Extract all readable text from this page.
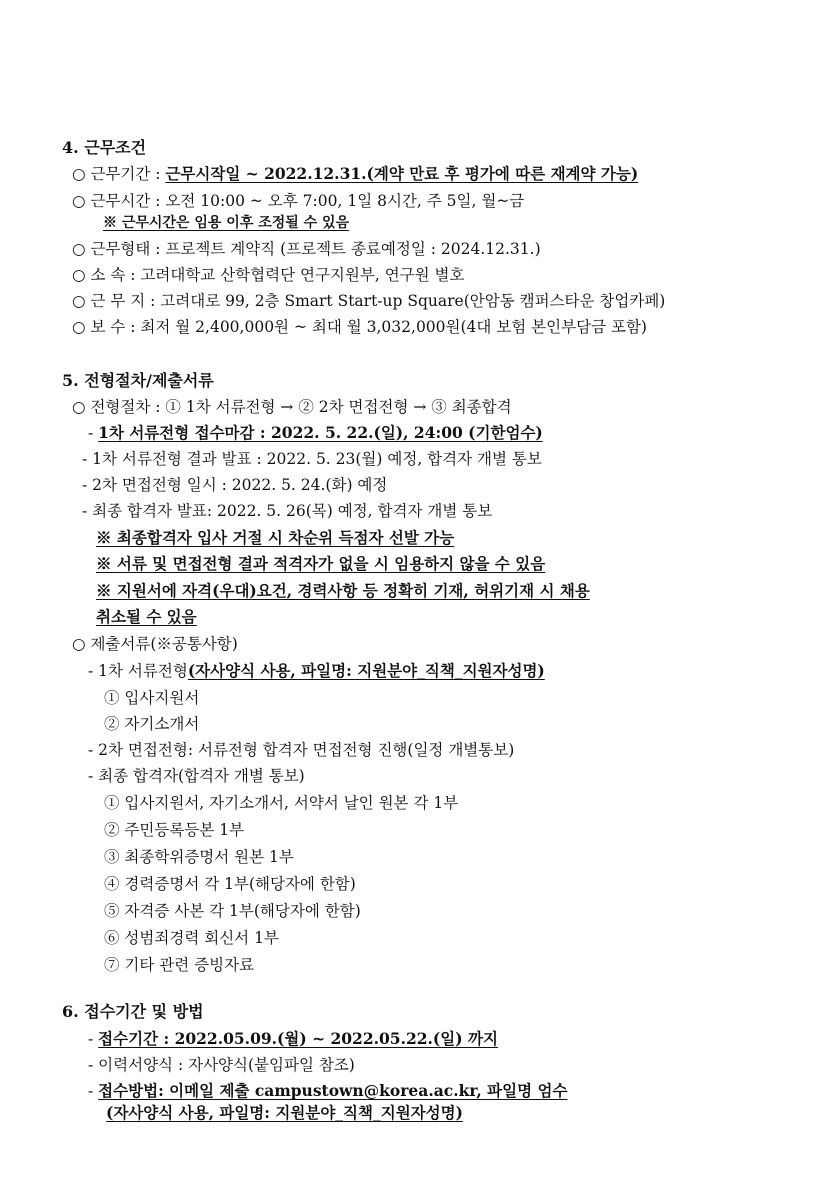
4. 근무조건
○ 근무기간 : 근무시작일 ~ 2022.12.31.(계약 만료 후 평가에 따른 재계약 가능)
○ 근무시간 : 오전 10:00 ~ 오후 7:00, 1일 8시간, 주 5일, 월~금
※ 근무시간은 임용 이후 조정될 수 있음
○ 근무형태 : 프로젝트 계약직 (프로젝트 종료예정일 : 2024.12.31.)
○ 소 속 : 고려대학교 산학협력단 연구지원부, 연구원 별호
○ 근 무 지 : 고려대로 99, 2층 Smart Start-up Square(안암동 캠퍼스타운 창업카페)
○ 보 수 : 최저 월 2,400,000원 ~ 최대 월 3,032,000원(4대 보험 본인부담금 포함)
5. 전형절차/제출서류
○ 전형절차 : ① 1차 서류전형 → ② 2차 면접전형 → ③ 최종합격
- 1차 서류전형 접수마감 : 2022. 5. 22.(일), 24:00 (기한엄수)
- 1차 서류전형 결과 발표 : 2022. 5. 23(월) 예정, 합격자 개별 통보
- 2차 면접전형 일시 : 2022. 5. 24.(화) 예정
- 최종 합격자 발표: 2022. 5. 26(목) 예정, 합격자 개별 통보
※ 최종합격자 입사 거절 시 차순위 득점자 선발 가능
※ 서류 및 면접전형 결과 적격자가 없을 시 임용하지 않을 수 있음
※ 지원서에 자격(우대)요건, 경력사항 등 정확히 기재, 허위기재 시 채용
취소될 수 있음
○ 제출서류(※공통사항)
- 1차 서류전형(자사양식 사용, 파일명: 지원분야_직책_지원자성명)
① 입사지원서
② 자기소개서
- 2차 면접전형: 서류전형 합격자 면접전형 진행(일정 개별통보)
- 최종 합격자(합격자 개별 통보)
① 입사지원서, 자기소개서, 서약서 날인 원본 각 1부
② 주민등록등본 1부
③ 최종학위증명서 원본 1부
④ 경력증명서 각 1부(해당자에 한함)
⑤ 자격증 사본 각 1부(해당자에 한함)
⑥ 성범죄경력 회신서 1부
⑦ 기타 관련 증빙자료
6. 접수기간 및 방법
- 접수기간 : 2022.05.09.(월) ~ 2022.05.22.(일) 까지
- 이력서양식 : 자사양식(붙임파일 참조)
- 접수방법: 이메일 제출 campustown@korea.ac.kr, 파일명 엄수
(자사양식 사용, 파일명: 지원분야_직책_지원자성명)
